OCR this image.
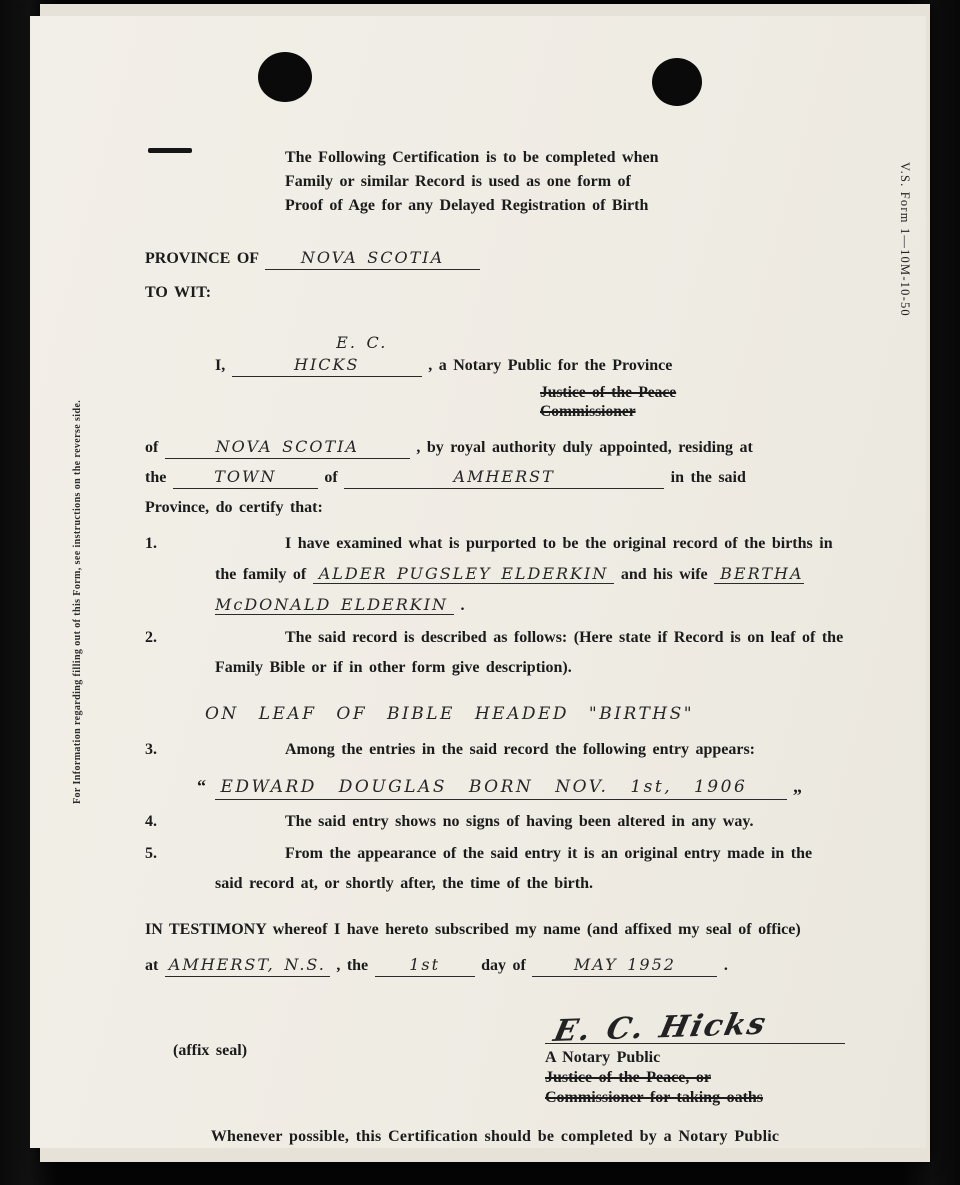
V.S. Form 1—10M-10-50
For Information regarding filling out of this Form, see instructions on the reverse side.
The Following Certification is to be completed when
Family or similar Record is used as one form of
Proof of Age for any Delayed Registration of Birth
PROVINCE OF	NOVA SCOTIA
TO WIT:
I, E. C. HICKS	, a Notary Public for the Province
Justice of the Peace
Commissioner
of	NOVA SCOTIA	, by royal authority duly appointed, residing at
the	TOWN	of	AMHERST	in the said
Province, do certify that:
1.	I have examined what is purported to be the original record of the births in the family of ALDER PUGSLEY ELDERKIN and his wife BERTHA McDONALD ELDERKIN .
2.	The said record is described as follows: (Here state if Record is on leaf of the Family Bible or if in other form give description).
ON LEAF OF BIBLE HEADED "BIRTHS"
3.	Among the entries in the said record the following entry appears:
“ EDWARD DOUGLAS BORN NOV. 1st, 1906	„
4.	The said entry shows no signs of having been altered in any way.
5.	From the appearance of the said entry it is an original entry made in the said record at, or shortly after, the time of the birth.
IN TESTIMONY whereof I have hereto subscribed my name (and affixed my seal of office)
at AMHERST, N.S. , the	1st	day of	MAY 1952	.
(affix seal)
E. C. Hicks
A Notary Public
Justice of the Peace, or
Commissioner for taking oaths
Whenever possible, this Certification should be completed by a Notary Public
